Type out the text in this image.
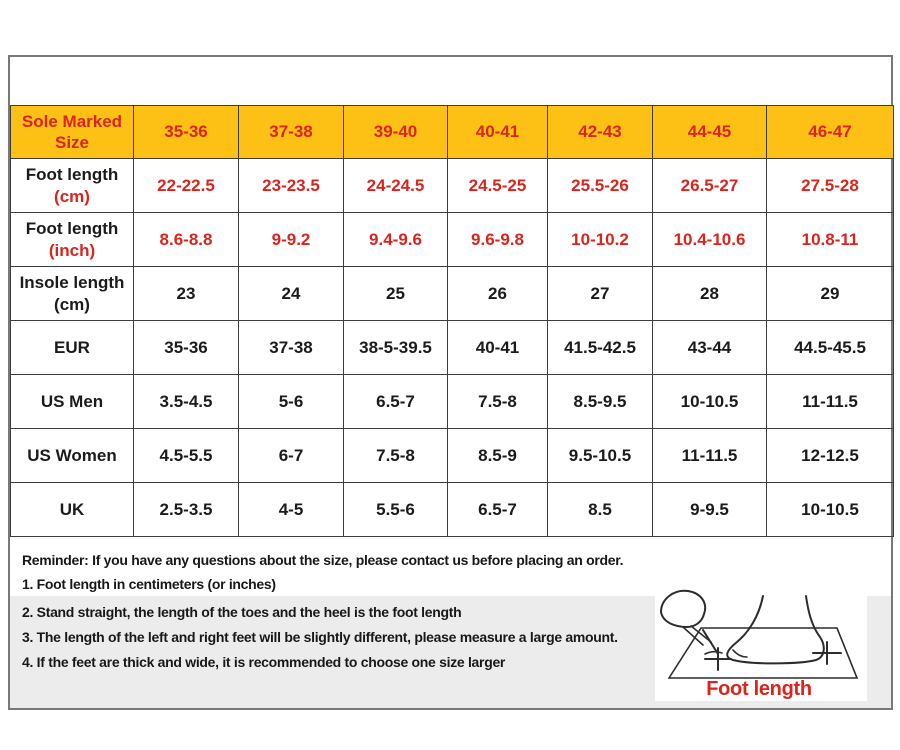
Sole Marked Size	35-36	37-38	39-40	40-41	42-43	44-45	46-47
Foot length
(cm)	22-22.5	23-23.5	24-24.5	24.5-25	25.5-26	26.5-27	27.5-28
Foot length
(inch)	8.6-8.8	9-9.2	9.4-9.6	9.6-9.8	10-10.2	10.4-10.6	10.8-11
Insole length
(cm)	23	24	25	26	27	28	29
EUR	35-36	37-38	38-5-39.5	40-41	41.5-42.5	43-44	44.5-45.5
US Men	3.5-4.5	5-6	6.5-7	7.5-8	8.5-9.5	10-10.5	11-11.5
US Women	4.5-5.5	6-7	7.5-8	8.5-9	9.5-10.5	11-11.5	12-12.5
UK	2.5-3.5	4-5	5.5-6	6.5-7	8.5	9-9.5	10-10.5
Reminder: If you have any questions about the size, please contact us before placing an order.
1. Foot length in centimeters (or inches)
2. Stand straight, the length of the toes and the heel is the foot length
3. The length of the left and right feet will be slightly different, please measure a large amount.
4. If the feet are thick and wide, it is recommended to choose one size larger
Foot length
